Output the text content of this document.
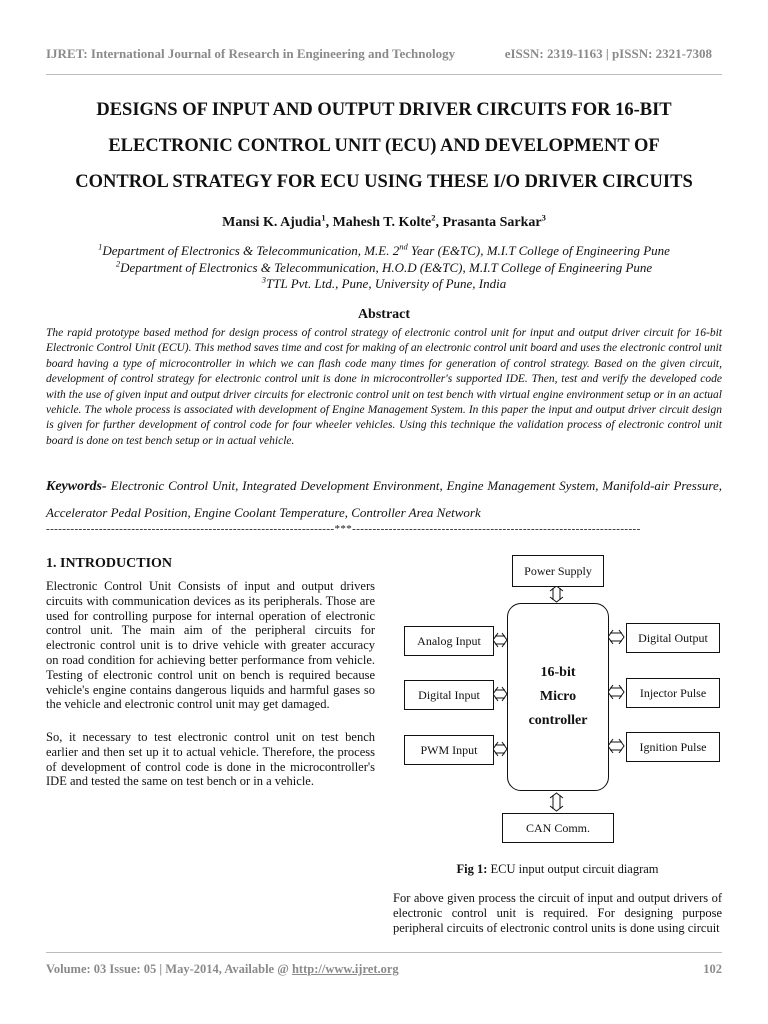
IJRET: International Journal of Research in Engineering and Technology	eISSN: 2319-1163 | pISSN: 2321-7308
DESIGNS OF INPUT AND OUTPUT DRIVER CIRCUITS FOR 16-BIT
ELECTRONIC CONTROL UNIT (ECU) AND DEVELOPMENT OF
CONTROL STRATEGY FOR ECU USING THESE I/O DRIVER CIRCUITS
Mansi K. Ajudia$^1$, Mahesh T. Kolte$^2$, Prasanta Sarkar$^3$
$^1$Department of Electronics & Telecommunication, M.E. 2nd Year (E&TC), M.I.T College of Engineering Pune
$^2$Department of Electronics & Telecommunication, H.O.D (E&TC), M.I.T College of Engineering Pune
$^3$TTL Pvt. Ltd., Pune, University of Pune, India
Abstract
The rapid prototype based method for design process of control strategy of electronic control unit for input and output driver circuit for 16-bit Electronic Control Unit (ECU). This method saves time and cost for making of an electronic control unit board and uses the electronic control unit board having a type of microcontroller in which we can flash code many times for generation of control strategy. Based on the given circuit, development of control strategy for electronic control unit is done in microcontroller's supported IDE. Then, test and verify the developed code with the use of given input and output driver circuits for electronic control unit on test bench with virtual engine environment setup or in an actual vehicle. The whole process is associated with development of Engine Management System. In this paper the input and output driver circuit design is given for further development of control code for four wheeler vehicles. Using this technique the validation process of electronic control unit board is done on test bench setup or in actual vehicle.
Keywords- Electronic Control Unit, Integrated Development Environment, Engine Management System, Manifold-air Pressure, Accelerator Pedal Position, Engine Coolant Temperature, Controller Area Network
-----------------------------------------------------------------------***-----------------------------------------------------------------------
1. INTRODUCTION
Electronic Control Unit Consists of input and output drivers circuits with communication devices as its peripherals. Those are used for controlling purpose for internal operation of electronic control unit. The main aim of the peripheral circuits for electronic control unit is to drive vehicle with greater accuracy on road condition for achieving better performance from vehicle. Testing of electronic control unit on bench is required because vehicle's engine contains dangerous liquids and harmful gases so the vehicle and electronic control unit may get damaged.
So, it necessary to test electronic control unit on test bench earlier and then set up it to actual vehicle. Therefore, the process of development of control code is done in the microcontroller's IDE and tested the same on test bench or in a vehicle.
Power Supply
Analog Input
Digital Input
PWM Input
16-bit
Micro
controller
Digital Output
Injector Pulse
Ignition Pulse
CAN Comm.
Fig 1: ECU input output circuit diagram
For above given process the circuit of input and output drivers of electronic control unit is required. For designing purpose peripheral circuits of electronic control units is done using circuit
Volume: 03 Issue: 05 | May-2014, Available @ http://www.ijret.org	102
